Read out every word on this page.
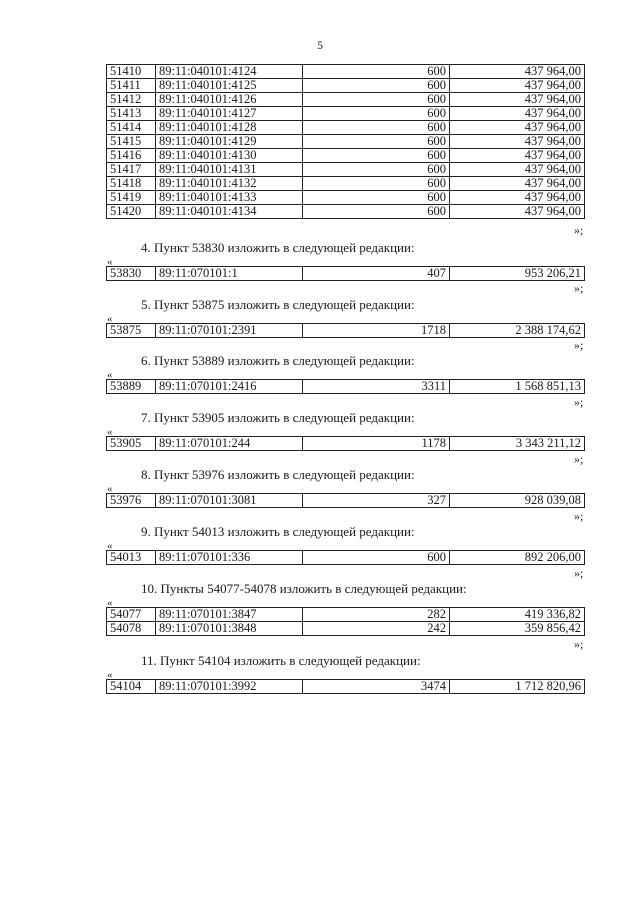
5
51410	89:11:040101:4124	600	437 964,00
51411	89:11:040101:4125	600	437 964,00
51412	89:11:040101:4126	600	437 964,00
51413	89:11:040101:4127	600	437 964,00
51414	89:11:040101:4128	600	437 964,00
51415	89:11:040101:4129	600	437 964,00
51416	89:11:040101:4130	600	437 964,00
51417	89:11:040101:4131	600	437 964,00
51418	89:11:040101:4132	600	437 964,00
51419	89:11:040101:4133	600	437 964,00
51420	89:11:040101:4134	600	437 964,00
»;
4. Пункт 53830 изложить в следующей редакции:
«
53830	89:11:070101:1	407	953 206,21
»;
5. Пункт 53875 изложить в следующей редакции:
«
53875	89:11:070101:2391	1718	2 388 174,62
»;
6. Пункт 53889 изложить в следующей редакции:
«
53889	89:11:070101:2416	3311	1 568 851,13
»;
7. Пункт 53905 изложить в следующей редакции:
«
53905	89:11:070101:244	1178	3 343 211,12
»;
8. Пункт 53976 изложить в следующей редакции:
«
53976	89:11:070101:3081	327	928 039,08
»;
9. Пункт 54013 изложить в следующей редакции:
«
54013	89:11:070101:336	600	892 206,00
»;
10. Пункты 54077-54078 изложить в следующей редакции:
«
54077	89:11:070101:3847	282	419 336,82
54078	89:11:070101:3848	242	359 856,42
»;
11. Пункт 54104 изложить в следующей редакции:
«
54104	89:11:070101:3992	3474	1 712 820,96
